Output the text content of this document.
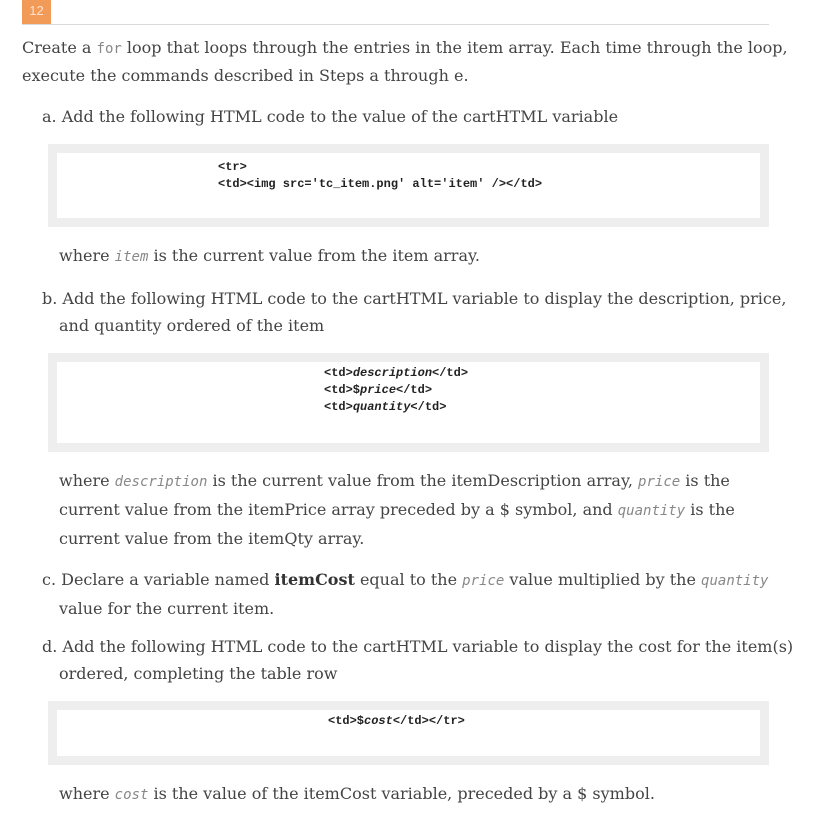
12

Create a for loop that loops through the entries in the item array. Each time through the loop,

execute the commands described in Steps a through e.

a. Add the following HTML code to the value of the cartHTML variable

<tr>
<td><img src='tc_item.png' alt='item' /></td>

where item is the current value from the item array.

b. Add the following HTML code to the cartHTML variable to display the description, price,

and quantity ordered of the item

<td>description</td>
<td>$price</td>
<td>quantity</td>

where description is the current value from the itemDescription array, price is the

current value from the itemPrice array preceded by a $ symbol, and quantity is the

current value from the itemQty array.

c. Declare a variable named itemCost equal to the price value multiplied by the quantity

value for the current item.

d. Add the following HTML code to the cartHTML variable to display the cost for the item(s)

ordered, completing the table row

<td>$cost</td></tr>

where cost is the value of the itemCost variable, preceded by a $ symbol.
